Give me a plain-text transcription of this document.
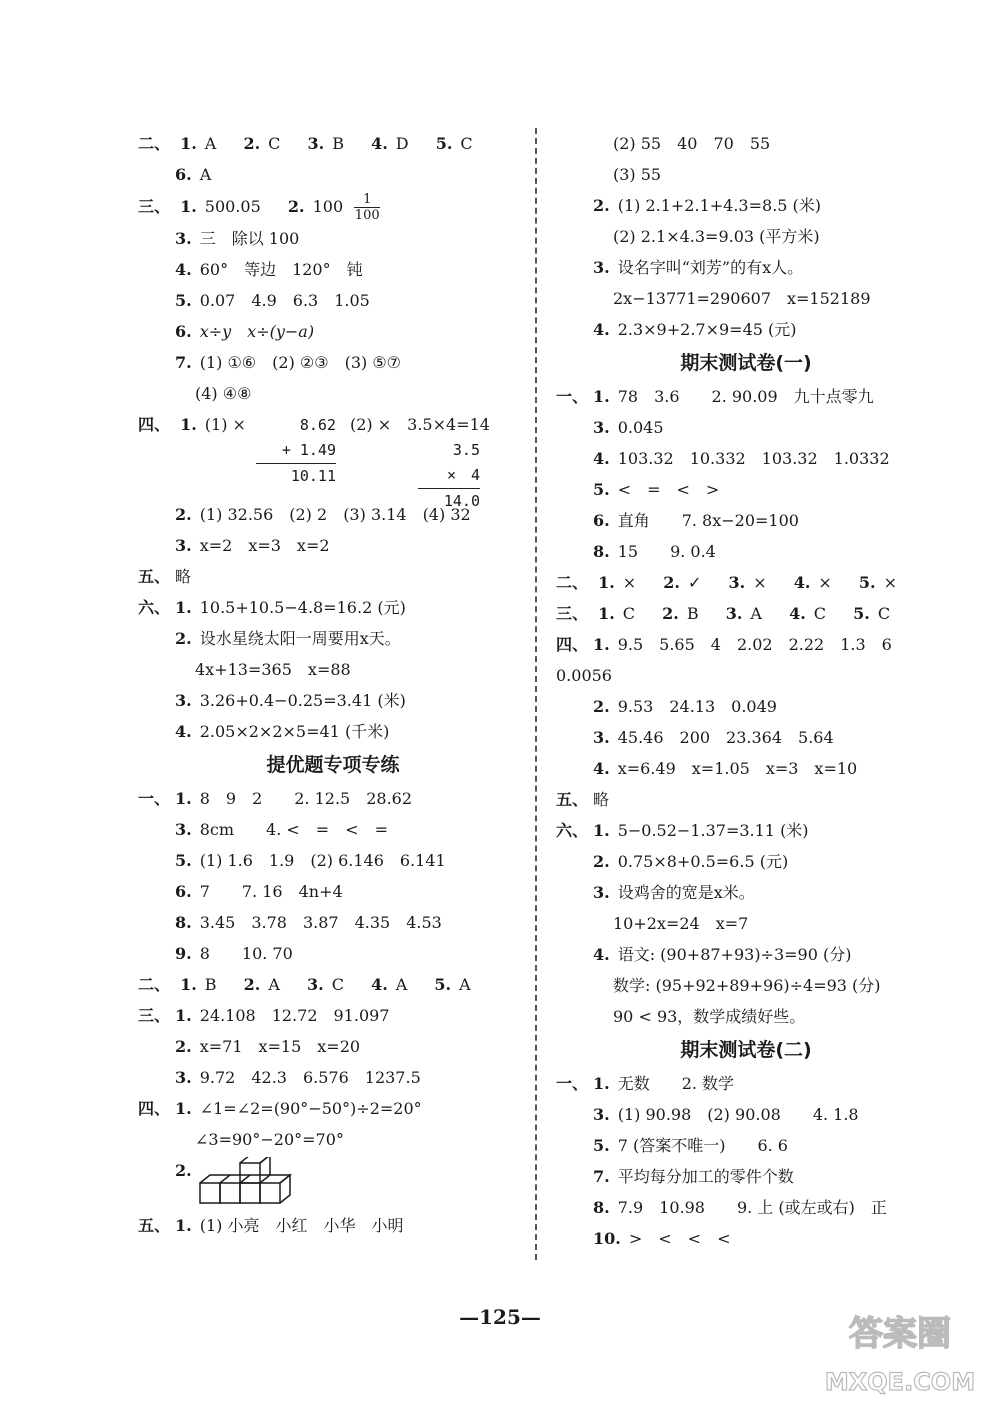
二、 1. A 2. C 3. B 4. D 5. C
6. A
三、 1. 500.05 2. $100 \frac{1}{100}$
3. 三　除以 100
4. 60°　等边　120°　钝
5. 0.07　4.9　6.3　1.05
6. x÷y　x÷(y−a)
7. (1) ①⑥　(2) ②③　(3) ⑤⑦
(4) ④⑧
四、 1. (1) ×	(2) ×　3.5×4=14
8.62
+ 1.49
10.11
3.5
×　4
14.0
2. (1) 32.56　(2) 2　(3) 3.14　(4) 32
3. x=2　x=3　x=2
五、 略
六、 1. 10.5+10.5−4.8=16.2 (元)
2. 设水星绕太阳一周要用x天。
4x+13=365　x=88
3. 3.26+0.4−0.25=3.41 (米)
4. 2.05×2×2×5=41 (千米)
提优题专项专练
一、 1. 8　9　2　　2. 12.5　28.62
3. 8cm　　4. <　=　<　=
5. (1) 1.6　1.9　(2) 6.146　6.141
6. 7　　7. 16　4n+4
8. 3.45　3.78　3.87　4.35　4.53
9. 8　　10. 70
二、 1. B 2. A 3. C 4. A 5. A
三、 1. 24.108　12.72　91.097
2. x=71　x=15　x=20
3. 9.72　42.3　6.576　1237.5
四、 1. ∠1=∠2=(90°−50°)÷2=20°
∠3=90°−20°=70°
2.
五、 1. (1) 小亮　小红　小华　小明
(2) 55　40　70　55
(3) 55
2. (1) 2.1+2.1+4.3=8.5 (米)
(2) 2.1×4.3=9.03 (平方米)
3. 设名字叫“刘芳”的有x人。
2x−13771=290607　x=152189
4. 2.3×9+2.7×9=45 (元)
期末测试卷(一)
一、 1. 78　3.6　　2. 90.09　九十点零九
3. 0.045
4. 103.32　10.332　103.32　1.0332
5. <　=　<　>
6. 直角　　7. 8x−20=100
8. 15　　9. 0.4
二、 1. × 2. ✓ 3. × 4. × 5. ×
三、 1. C 2. B 3. A 4. C 5. C
四、 1. 9.5　5.65　4　2.02　2.22　1.3　6
0.0056
2. 9.53　24.13　0.049
3. 45.46　200　23.364　5.64
4. x=6.49　x=1.05　x=3　x=10
五、 略
六、 1. 5−0.52−1.37=3.11 (米)
2. 0.75×8+0.5=6.5 (元)
3. 设鸡舍的宽是x米。
10+2x=24　x=7
4. 语文: (90+87+93)÷3=90 (分)
数学: (95+92+89+96)÷4=93 (分)
90 < 93，数学成绩好些。
期末测试卷(二)
一、 1. 无数　　2. 数学
3. (1) 90.98　(2) 90.08　　4. 1.8
5. 7 (答案不唯一)　　6. 6
7. 平均每分加工的零件个数
8. 7.9　10.98　　9. 上 (或左或右)　正
10. >　<　<　<
—125—	答案圈
MXQE.COM
